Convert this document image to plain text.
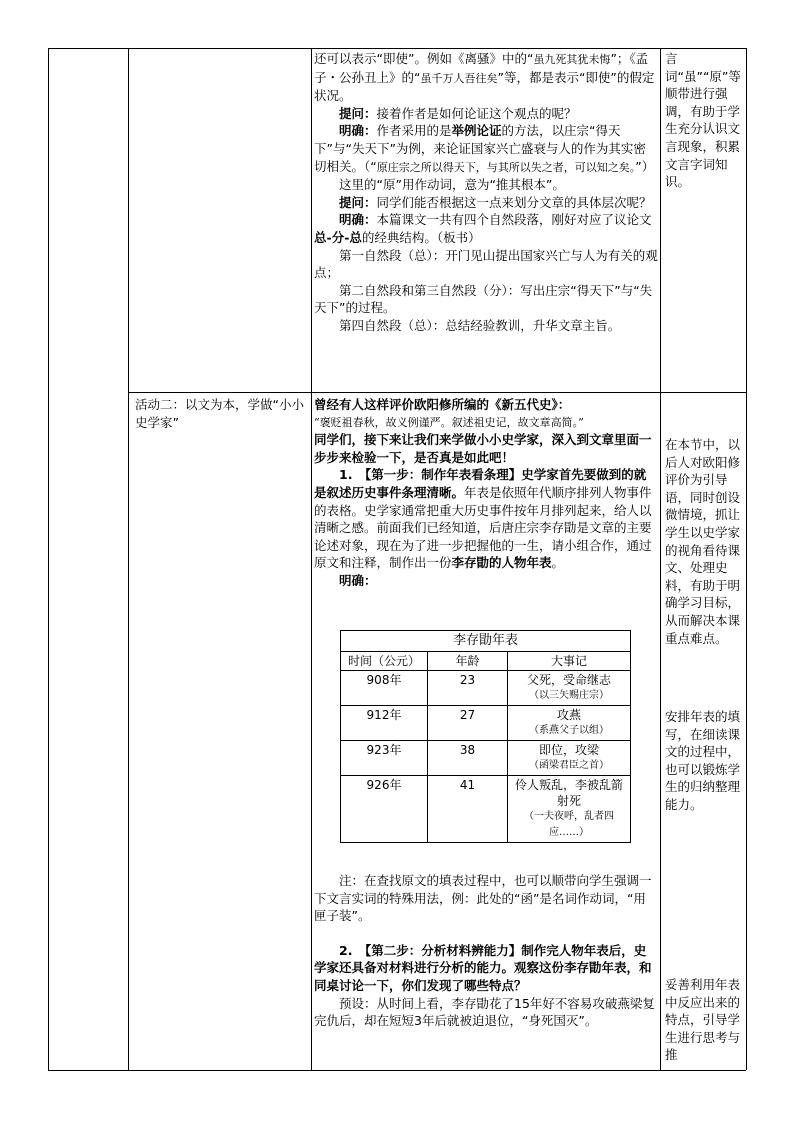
还可以表示“即使”。例如《离骚》中的“虽九死其犹未悔”；《孟子・公孙丑上》的“虽千万人吾往矣”等，都是表示“即使”的假定状况。

提问：接着作者是如何论证这个观点的呢？

明确：作者采用的是举例论证的方法，以庄宗“得天下”与“失天下”为例，来论证国家兴亡盛衰与人的作为其实密切相关。（“原庄宗之所以得天下，与其所以失之者，可以知之矣。”）

这里的“原”用作动词，意为“推其根本”。

提问：同学们能否根据这一点来划分文章的具体层次呢？

明确：本篇课文一共有四个自然段落，刚好对应了议论文总-分-总的经典结构。（板书）

第一自然段（总）：开门见山提出国家兴亡与人为有关的观点；

第二自然段和第三自然段（分）：写出庄宗“得天下”与“失天下”的过程。

第四自然段（总）：总结经验教训，升华文章主旨。

言词“虽”“原”等顺带进行强调，有助于学生充分认识文言现象，积累文言字词知识。
活动二：以文为本，学做“小小史学家”

曾经有人这样评价欧阳修所编的《新五代史》：

“褒贬祖春秋，故义例谨严。叙述祖史记，故文章高简。”

同学们，接下来让我们来学做小小史学家，深入到文章里面一步步来检验一下，是否真是如此吧！

1.　【第一步：制作年表看条理】史学家首先要做到的就是叙述历史事件条理清晰。年表是依照年代顺序排列人物事件的表格。史学家通常把重大历史事件按年月排列起来，给人以清晰之感。前面我们已经知道，后唐庄宗李存勖是文章的主要论述对象，现在为了进一步把握他的一生，请小组合作，通过原文和注释，制作出一份李存勖的人物年表。

明确：

李存勖年表		
时间（公元）	年龄	大事记
908年	23	父死，受命继志
（以三矢赐庄宗）

912年	27	攻燕
（系燕父子以组）

923年	38	即位，攻梁
（函梁君臣之首）

926年	41	伶人叛乱，李被乱箭射死
（一夫夜呼，乱者四应……）

注：在查找原文的填表过程中，也可以顺带向学生强调一下文言实词的特殊用法，例：此处的“函”是名词作动词，“用匣子装”。

2.　【第二步：分析材料辨能力】制作完人物年表后，史学家还具备对材料进行分析的能力。观察这份李存勖年表，和同桌讨论一下，你们发现了哪些特点？

预设：从时间上看，李存勖花了15年好不容易攻破燕梁复完仇后，却在短短3年后就被迫退位，“身死国灭”。

在本节中，以后人对欧阳修评价为引导语，同时创设微情境，抓让学生以史学家的视角看待课文、处理史料，有助于明确学习目标，从而解决本课重点难点。
安排年表的填写，在细读课文的过程中，也可以锻炼学生的归纳整理能力。
妥善利用年表中反应出来的特点，引导学生进行思考与推
